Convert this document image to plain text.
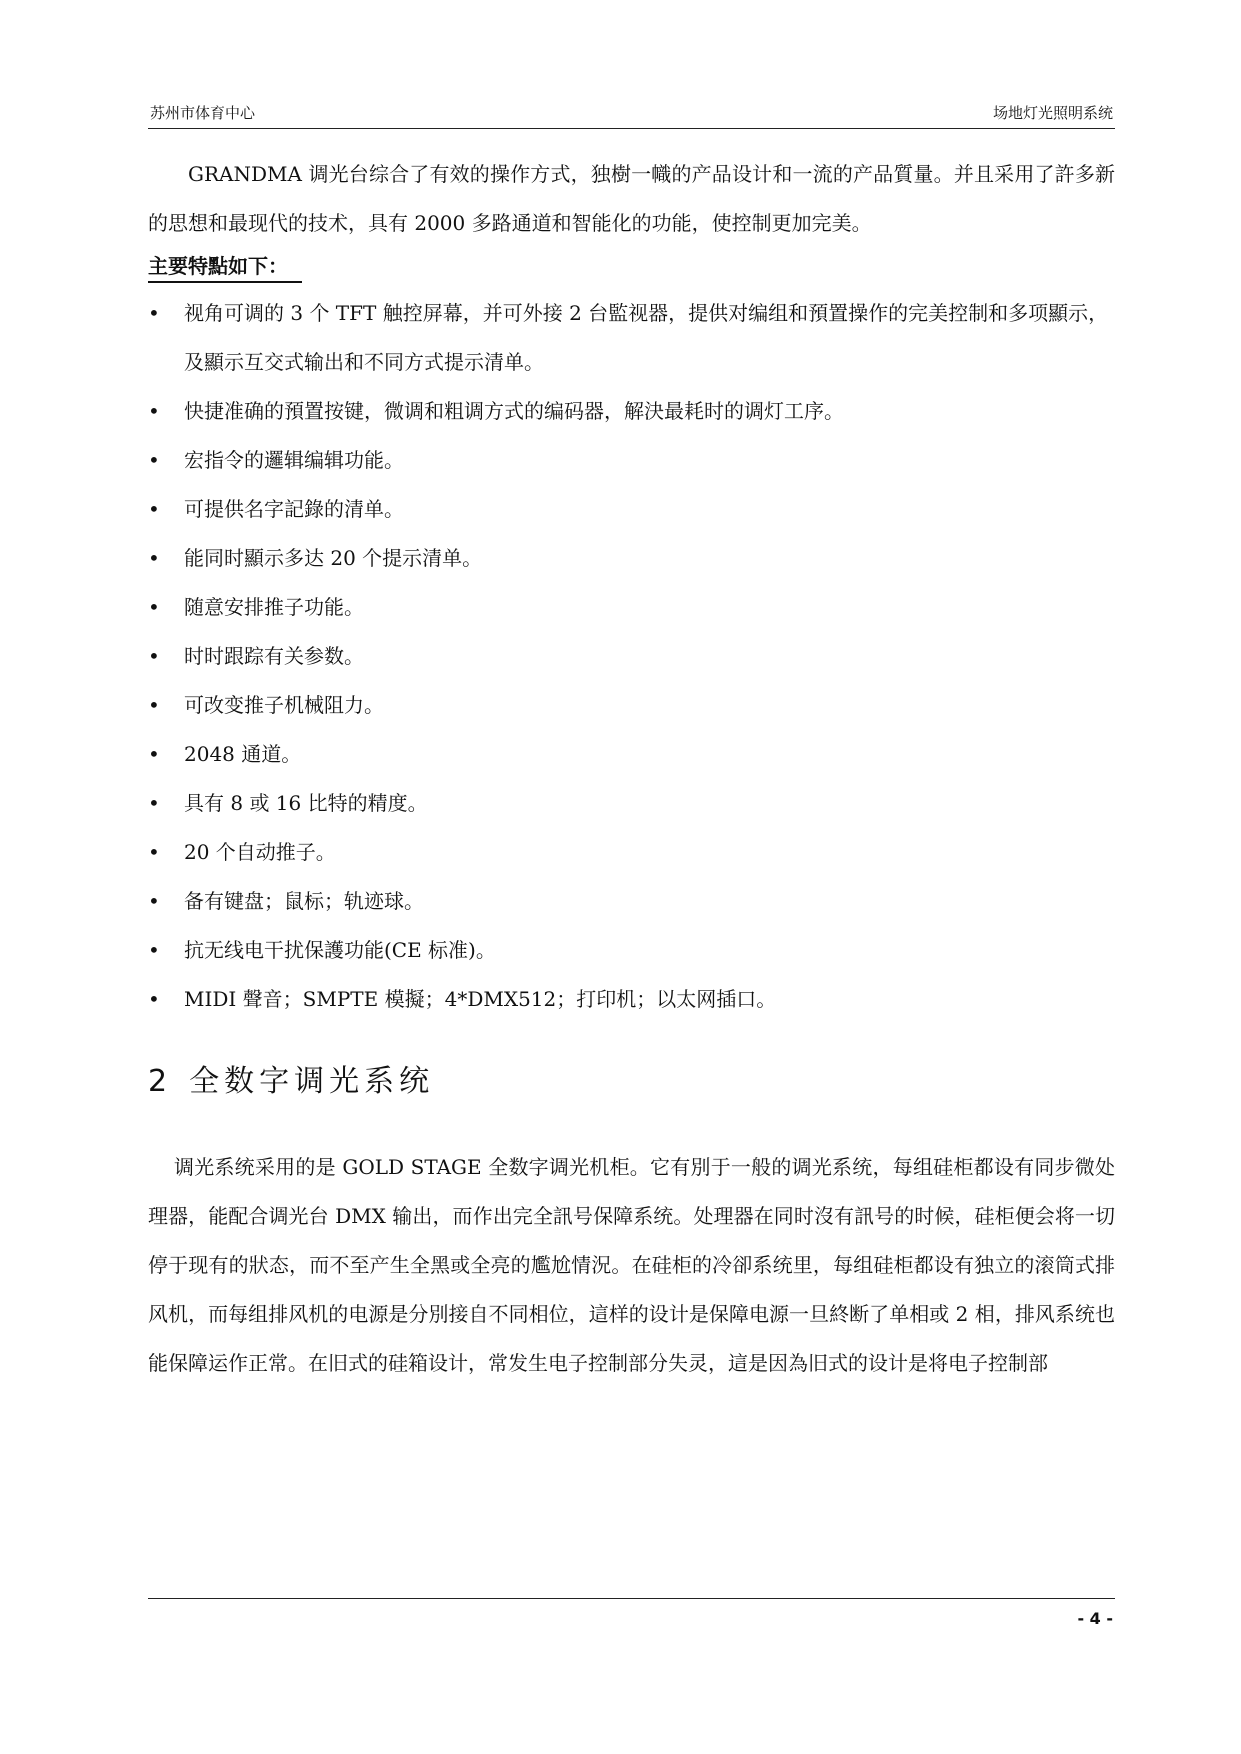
苏州市体育中心	场地灯光照明系统

GRANDMA 调光台综合了有效的操作方式，独樹一幟的产品设计和一流的产品質量。并且采用了許多新的思想和最现代的技术，具有 2000 多路通道和智能化的功能，使控制更加完美。

主要特點如下：
• 视角可调的 3 个 TFT 触控屏幕，并可外接 2 台監视器，提供对编组和預置操作的完美控制和多项顯示，及顯示互交式输出和不同方式提示清单。
• 快捷准确的預置按键，微调和粗调方式的编码器，解決最耗时的调灯工序。
• 宏指令的邏辑编辑功能。
• 可提供名字記錄的清单。
• 能同时顯示多达 20 个提示清单。
• 随意安排推子功能。
• 时时跟踪有关参数。
• 可改变推子机械阻力。
• 2048 通道。
• 具有 8 或 16 比特的精度。
• 20 个自动推子。
• 备有键盘；鼠标；轨迹球。
• 抗无线电干扰保護功能(CE 标准)。
• MIDI 聲音；SMPTE 模擬；4*DMX512；打印机；以太网插口。
2 全数字调光系统

调光系统采用的是 GOLD STAGE 全数字调光机柜。它有別于一般的调光系统，每组硅柜都设有同步微处理器，能配合调光台 DMX 输出，而作出完全訊号保障系统。处理器在同时沒有訊号的时候，硅柜便会将一切停于现有的狀态，而不至产生全黑或全亮的尷尬情況。在硅柜的冷卻系统里，每组硅柜都设有独立的滚筒式排风机，而每组排风机的电源是分別接自不同相位，這样的设计是保障电源一旦終断了单相或 2 相，排风系统也能保障运作正常。在旧式的硅箱设计，常发生电子控制部分失灵，這是因為旧式的设计是将电子控制部

- 4 -
